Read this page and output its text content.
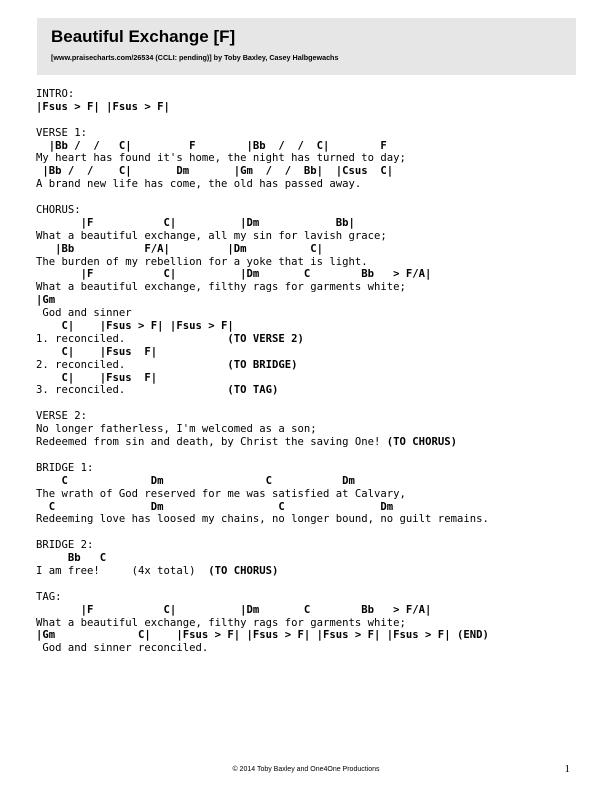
Beautiful Exchange [F]
[www.praisecharts.com/26534 (CCLI: pending)] by Toby Baxley, Casey Halbgewachs
INTRO:
|Fsus > F| |Fsus > F|
VERSE 1:
|Bb /  /   C|         F        |Bb  /  /  C|        F
My heart has found it's home, the night has turned to day;
|Bb /  /    C|       Dm       |Gm  /  /  Bb|  |Csus  C|
A brand new life has come, the old has passed away.
CHORUS:
|F           C|          |Dm            Bb|
What a beautiful exchange, all my sin for lavish grace;
|Bb           F/A|         |Dm          C|
The burden of my rebellion for a yoke that is light.
|F           C|          |Dm       C        Bb   > F/A|
What a beautiful exchange, filthy rags for garments white;
|Gm
God and sinner
C|    |Fsus > F| |Fsus > F|
1. reconciled.                (TO VERSE 2)
C|    |Fsus  F|
2. reconciled.                (TO BRIDGE)
C|    |Fsus  F|
3. reconciled.                (TO TAG)
VERSE 2:
No longer fatherless, I'm welcomed as a son;
Redeemed from sin and death, by Christ the saving One! (TO CHORUS)
BRIDGE 1:
C             Dm                C           Dm
The wrath of God reserved for me was satisfied at Calvary,
C               Dm                  C               Dm
Redeeming love has loosed my chains, no longer bound, no guilt remains.
BRIDGE 2:
Bb   C
I am free!     (4x total)  (TO CHORUS)
TAG:
|F           C|          |Dm       C        Bb   > F/A|
What a beautiful exchange, filthy rags for garments white;
|Gm             C|    |Fsus > F| |Fsus > F| |Fsus > F| |Fsus > F| (END)
God and sinner reconciled.
© 2014 Toby Baxley and One4One Productions	1
